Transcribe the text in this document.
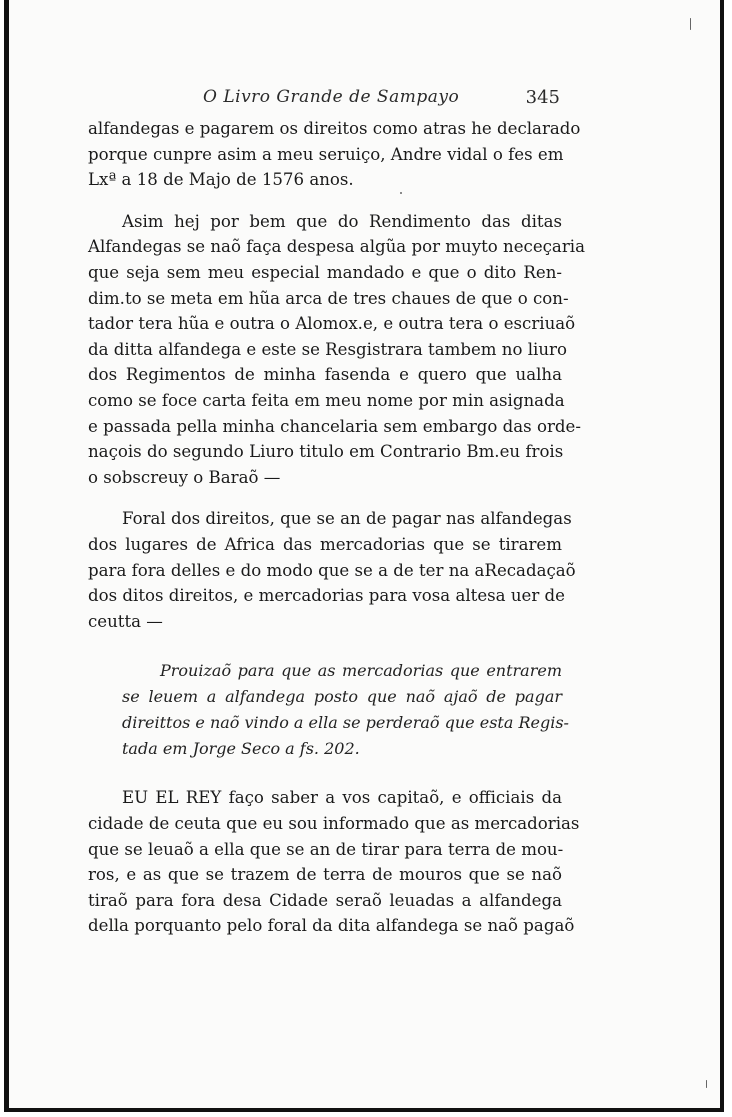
O Livro Grande de Sampayo	345
alfandegas e pagarem os direitos como atras he declarado
porque cunpre asim a meu seruiço, Andre vidal o fes em
Lxª a 18 de Majo de 1576 anos.
Asim hej por bem que do Rendimento das ditas
Alfandegas se naõ faça despesa algũa por muyto neceçaria
que seja sem meu especial mandado e que o dito Ren-
dim.to se meta em hũa arca de tres chaues de que o con-
tador tera hũa e outra o Alomox.e, e outra tera o escriuaõ
da ditta alfandega e este se Resgistrara tambem no liuro
dos Regimentos de minha fasenda e quero que ualha
como se foce carta feita em meu nome por min asignada
e passada pella minha chancelaria sem embargo das orde-
naçois do segundo Liuro titulo em Contrario Bm.eu frois
o sobscreuy o Baraõ —
Foral dos direitos, que se an de pagar nas alfandegas
dos lugares de Africa das mercadorias que se tirarem
para fora delles e do modo que se a de ter na aRecadaçaõ
dos ditos direitos, e mercadorias para vosa altesa uer de
ceutta —
Prouizaõ para que as mercadorias que entrarem
se leuem a alfandega posto que naõ ajaõ de pagar
direittos e naõ vindo a ella se perderaõ que esta Regis-
tada em Jorge Seco a fs. 202.
EU EL REY faço saber a vos capitaõ, e officiais da
cidade de ceuta que eu sou informado que as mercadorias
que se leuaõ a ella que se an de tirar para terra de mou-
ros, e as que se trazem de terra de mouros que se naõ
tiraõ para fora desa Cidade seraõ leuadas a alfandega
della porquanto pelo foral da dita alfandega se naõ pagaõ
